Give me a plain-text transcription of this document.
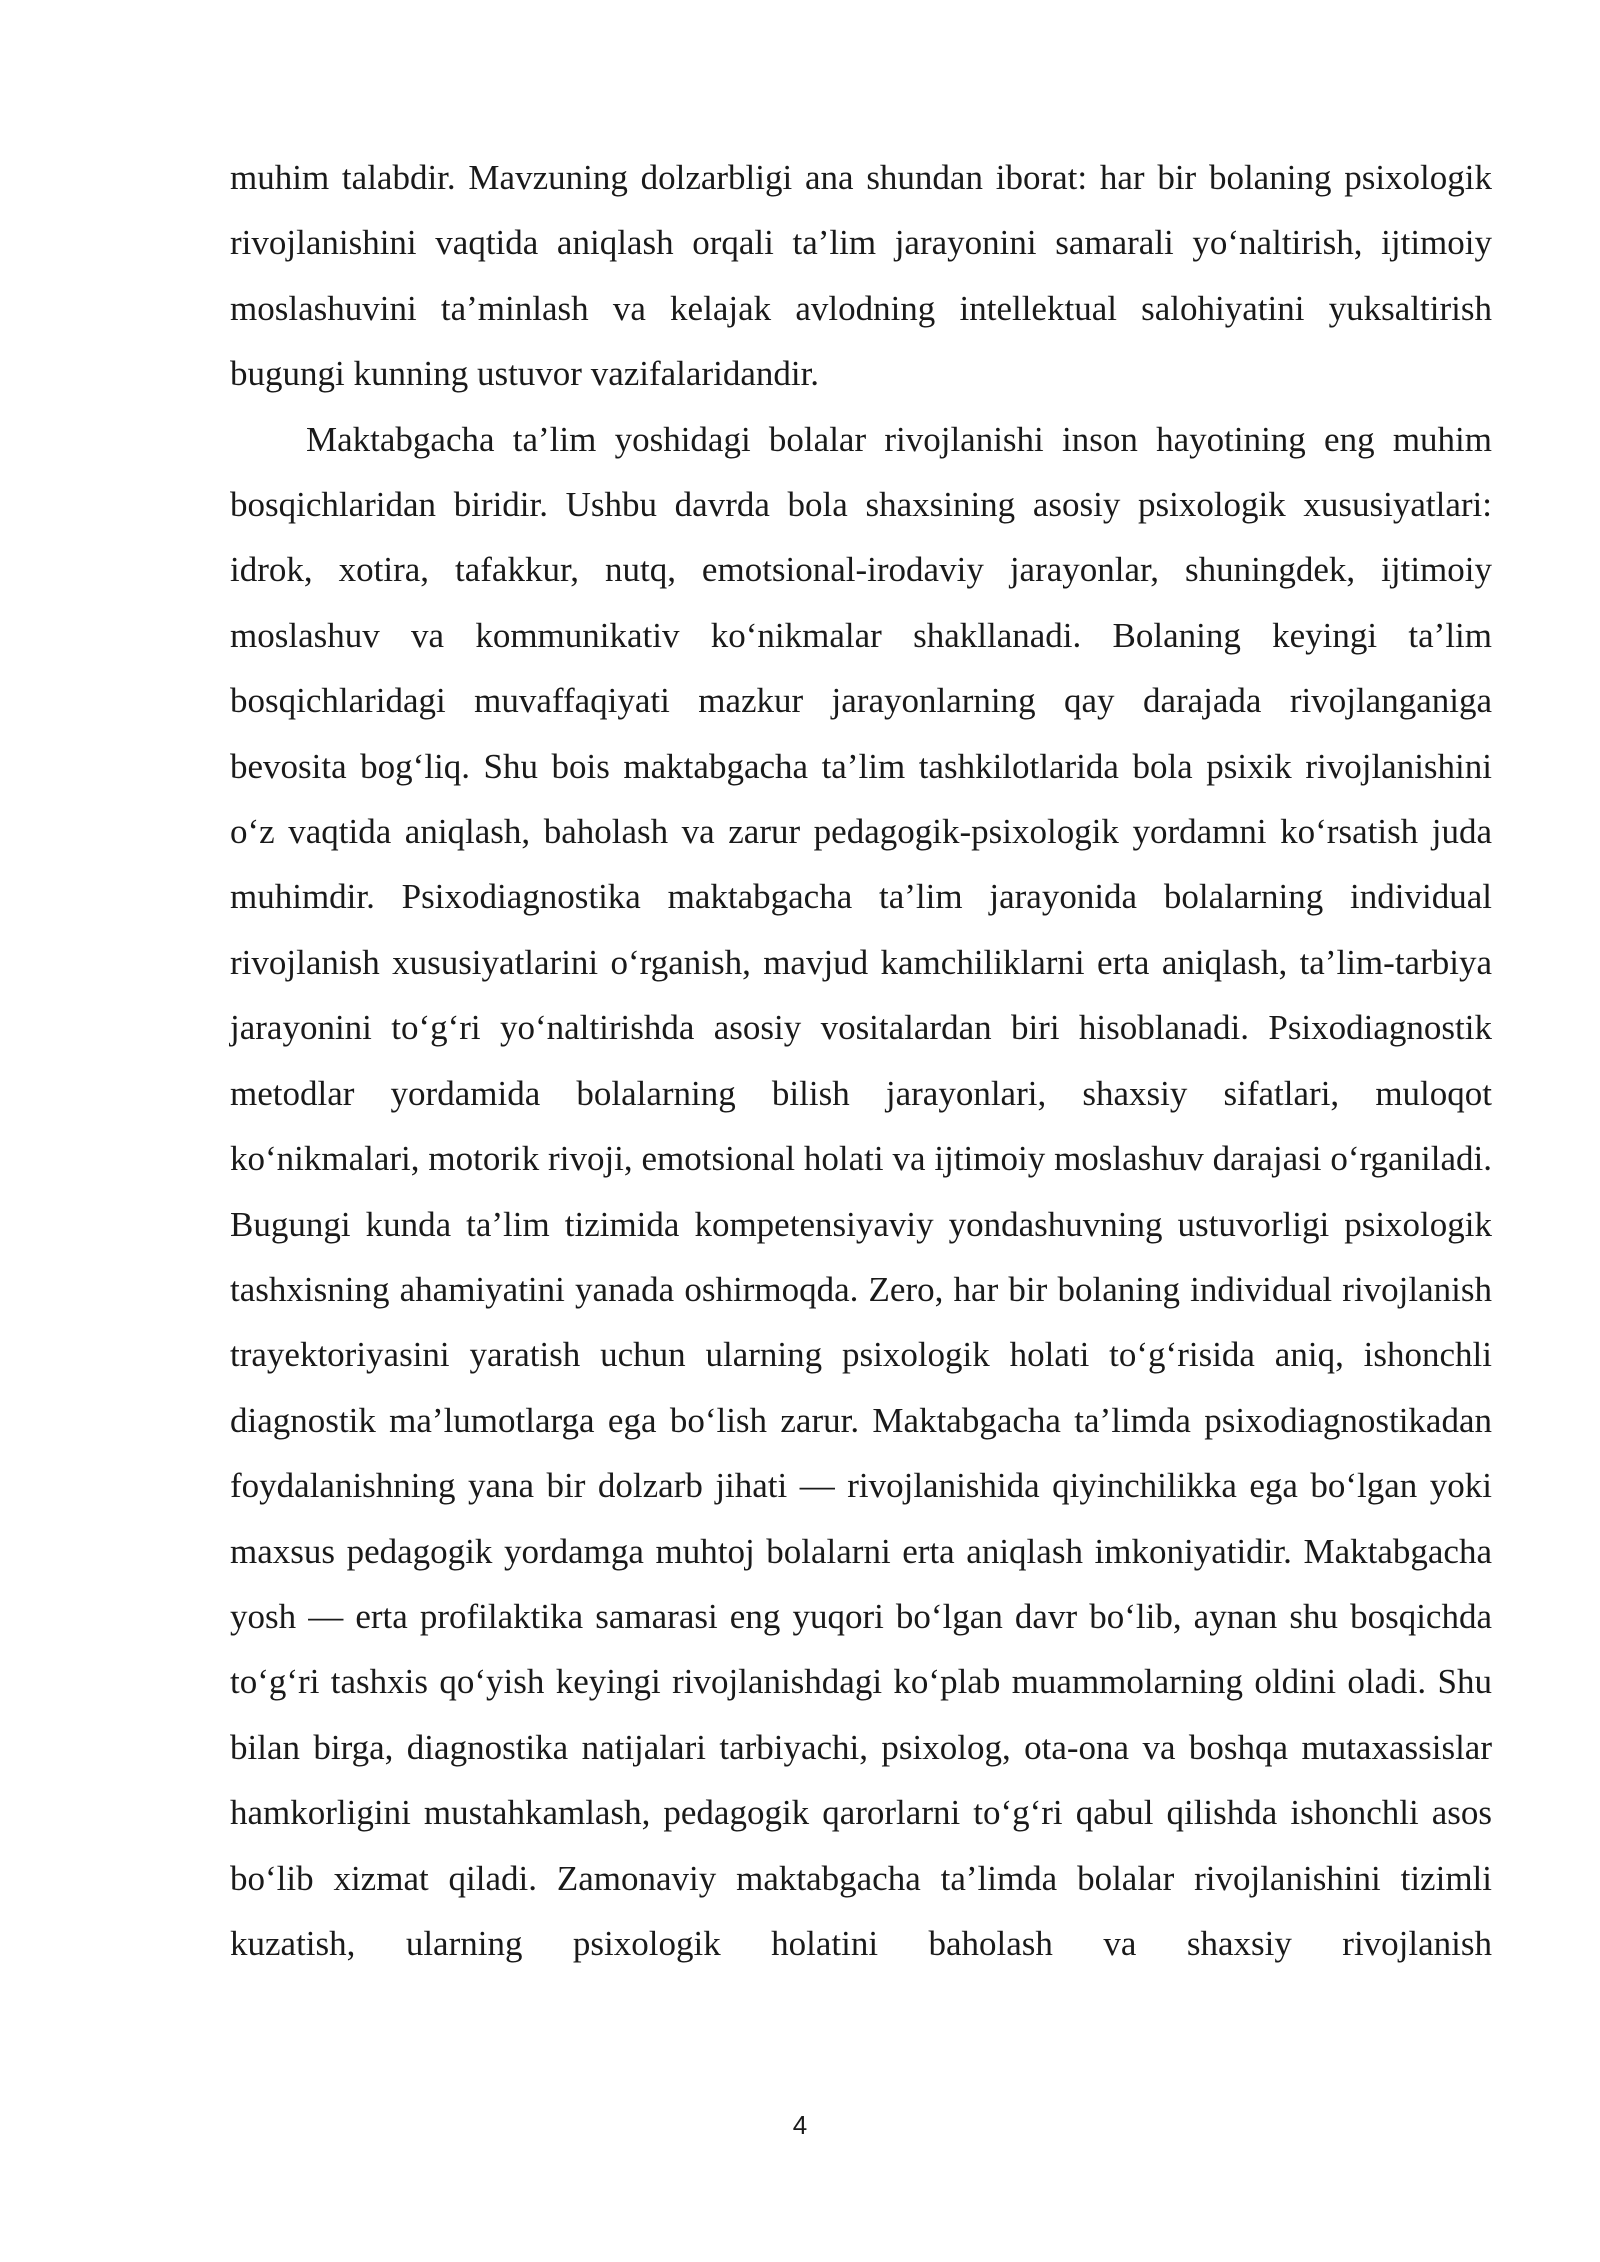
muhim talabdir. Mavzuning dolzarbligi ana shundan iborat: har bir bolaning psixologik rivojlanishini vaqtida aniqlash orqali ta’lim jarayonini samarali yo‘naltirish, ijtimoiy moslashuvini ta’minlash va kelajak avlodning intellektual salohiyatini yuksaltirish bugungi kunning ustuvor vazifalaridandir.

Maktabgacha ta’lim yoshidagi bolalar rivojlanishi inson hayotining eng muhim bosqichlaridan biridir. Ushbu davrda bola shaxsining asosiy psixologik xususiyatlari: idrok, xotira, tafakkur, nutq, emotsional-irodaviy jarayonlar, shuningdek, ijtimoiy moslashuv va kommunikativ ko‘nikmalar shakllanadi. Bolaning keyingi ta’lim bosqichlaridagi muvaffaqiyati mazkur jarayonlarning qay darajada rivojlanganiga bevosita bog‘liq. Shu bois maktabgacha ta’lim tashkilotlarida bola psixik rivojlanishini o‘z vaqtida aniqlash, baholash va zarur pedagogik-psixologik yordamni ko‘rsatish juda muhimdir. Psixodiagnostika maktabgacha ta’lim jarayonida bolalarning individual rivojlanish xususiyatlarini o‘rganish, mavjud kamchiliklarni erta aniqlash, ta’lim-tarbiya jarayonini to‘g‘ri yo‘naltirishda asosiy vositalardan biri hisoblanadi. Psixodiagnostik metodlar yordamida bolalarning bilish jarayonlari, shaxsiy sifatlari, muloqot ko‘nikmalari, motorik rivoji, emotsional holati va ijtimoiy moslashuv darajasi o‘rganiladi. Bugungi kunda ta’lim tizimida kompetensiyaviy yondashuvning ustuvorligi psixologik tashxisning ahamiyatini yanada oshirmoqda. Zero, har bir bolaning individual rivojlanish trayektoriyasini yaratish uchun ularning psixologik holati to‘g‘risida aniq, ishonchli diagnostik ma’lumotlarga ega bo‘lish zarur. Maktabgacha ta’limda psixodiagnostikadan foydalanishning yana bir dolzarb jihati — rivojlanishida qiyinchilikka ega bo‘lgan yoki maxsus pedagogik yordamga muhtoj bolalarni erta aniqlash imkoniyatidir. Maktabgacha yosh — erta profilaktika samarasi eng yuqori bo‘lgan davr bo‘lib, aynan shu bosqichda to‘g‘ri tashxis qo‘yish keyingi rivojlanishdagi ko‘plab muammolarning oldini oladi. Shu bilan birga, diagnostika natijalari tarbiyachi, psixolog, ota-ona va boshqa mutaxassislar hamkorligini mustahkamlash, pedagogik qarorlarni to‘g‘ri qabul qilishda ishonchli asos bo‘lib xizmat qiladi. Zamonaviy maktabgacha ta’limda bolalar rivojlanishini tizimli kuzatish, ularning psixologik holatini baholash va shaxsiy rivojlanish

4
